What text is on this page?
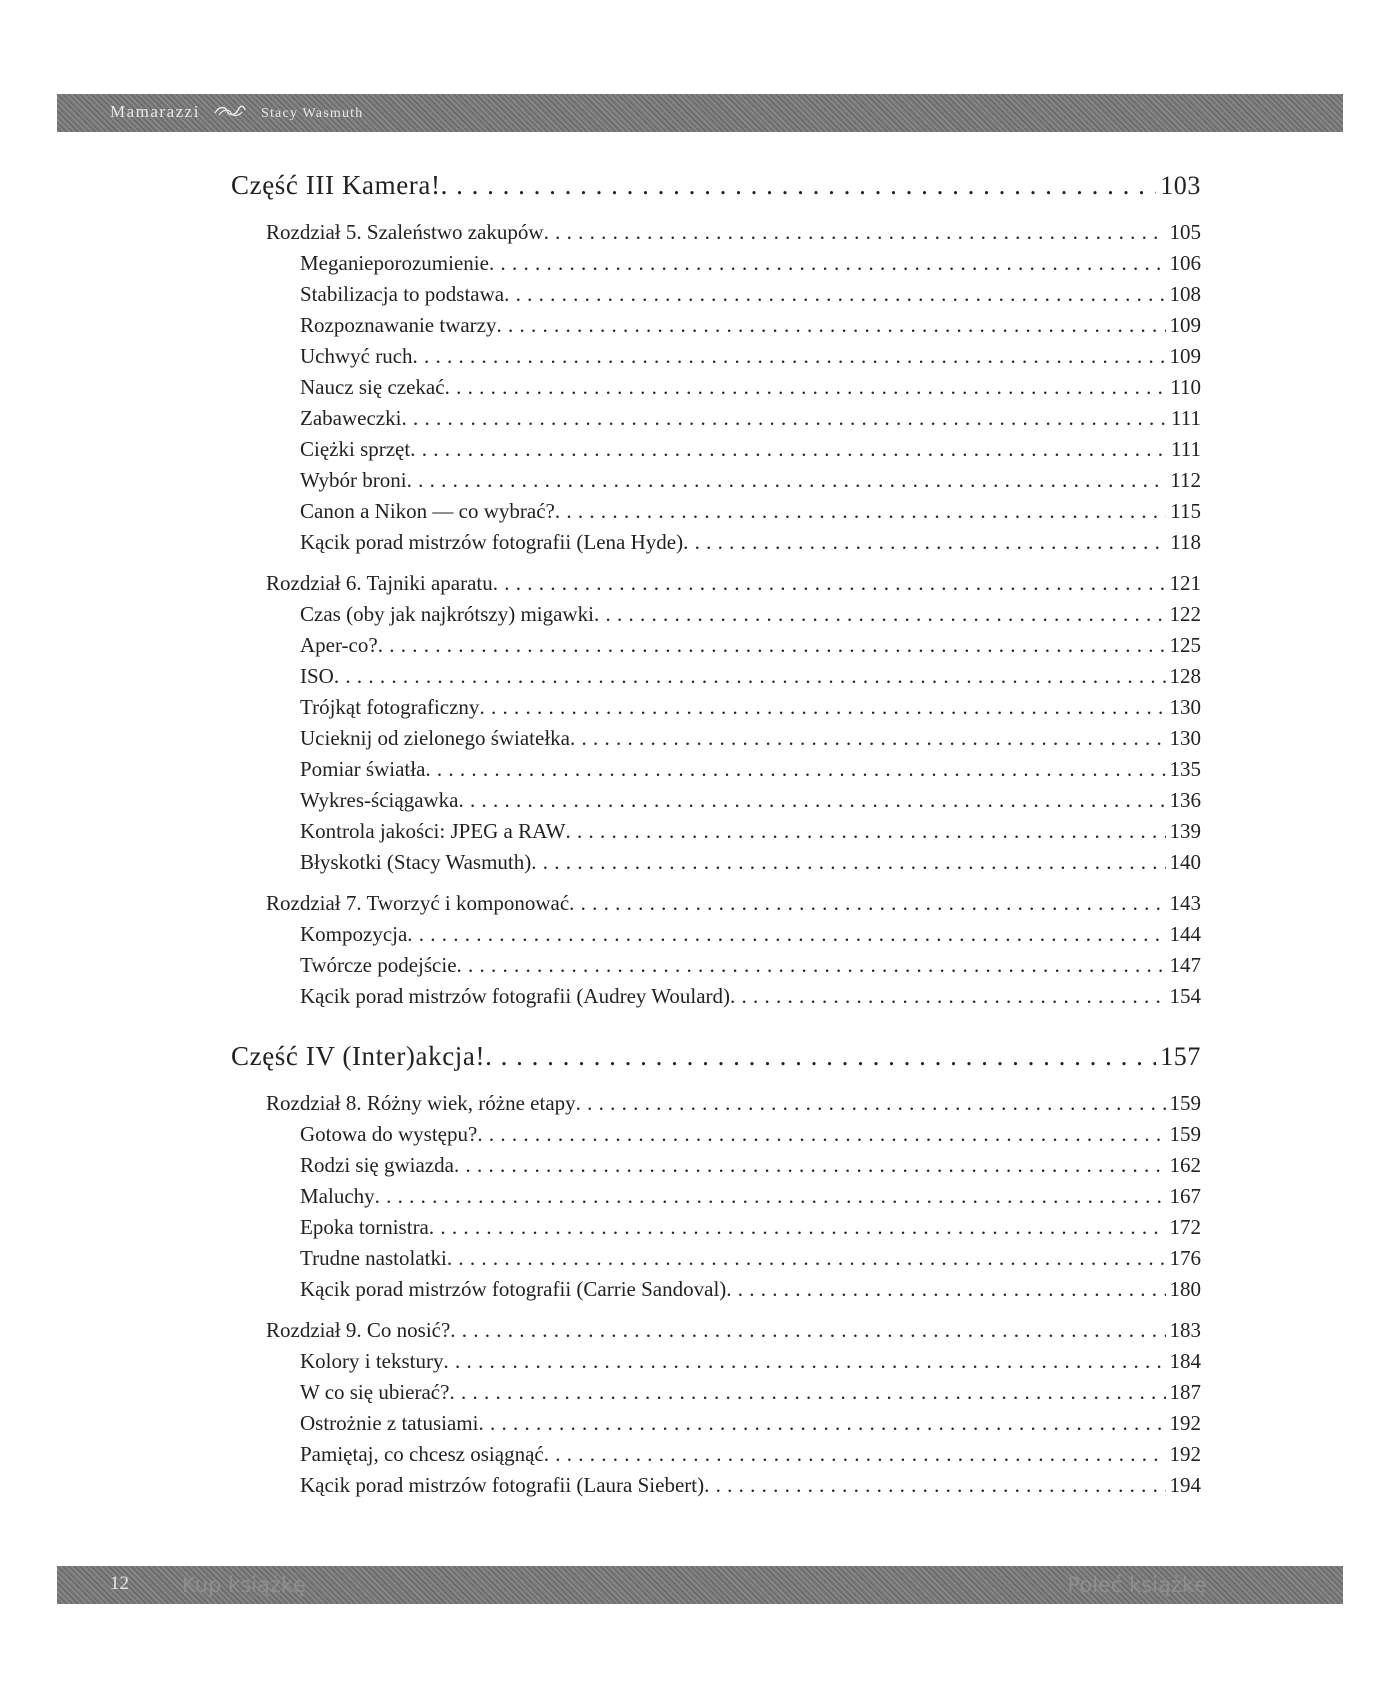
Mamarazzi	Stacy Wasmuth
Część III Kamera! . . .	103
Rozdział 5. Szaleństwo zakupów . . .	105
Meganieporozumienie . . .	106
Stabilizacja to podstawa . . .	108
Rozpoznawanie twarzy . . .	109
Uchwyć ruch . . .	109
Naucz się czekać . . .	110
Zabaweczki . . .	111
Ciężki sprzęt . . .	111
Wybór broni . . .	112
Canon a Nikon — co wybrać? . . .	115
Kącik porad mistrzów fotografii (Lena Hyde) . . .	118
Rozdział 6. Tajniki aparatu . . .	121
Czas (oby jak najkrótszy) migawki . . .	122
Aper-co? . . .	125
ISO . . .	128
Trójkąt fotograficzny . . .	130
Ucieknij od zielonego światełka . . .	130
Pomiar światła . . .	135
Wykres-ściągawka . . .	136
Kontrola jakości: JPEG a RAW . . .	139
Błyskotki (Stacy Wasmuth) . . .	140
Rozdział 7. Tworzyć i komponować . . .	143
Kompozycja . . .	144
Twórcze podejście . . .	147
Kącik porad mistrzów fotografii (Audrey Woulard) . . .	154
Część IV (Inter)akcja! . . .	157
Rozdział 8. Różny wiek, różne etapy . . .	159
Gotowa do występu? . . .	159
Rodzi się gwiazda . . .	162
Maluchy . . .	167
Epoka tornistra . . .	172
Trudne nastolatki . . .	176
Kącik porad mistrzów fotografii (Carrie Sandoval) . . .	180
Rozdział 9. Co nosić? . . .	183
Kolory i tekstury . . .	184
W co się ubierać? . . .	187
Ostrożnie z tatusiami . . .	192
Pamiętaj, co chcesz osiągnąć . . .	192
Kącik porad mistrzów fotografii (Laura Siebert) . . .	194
12	Kup książkę	Poleć książkę
